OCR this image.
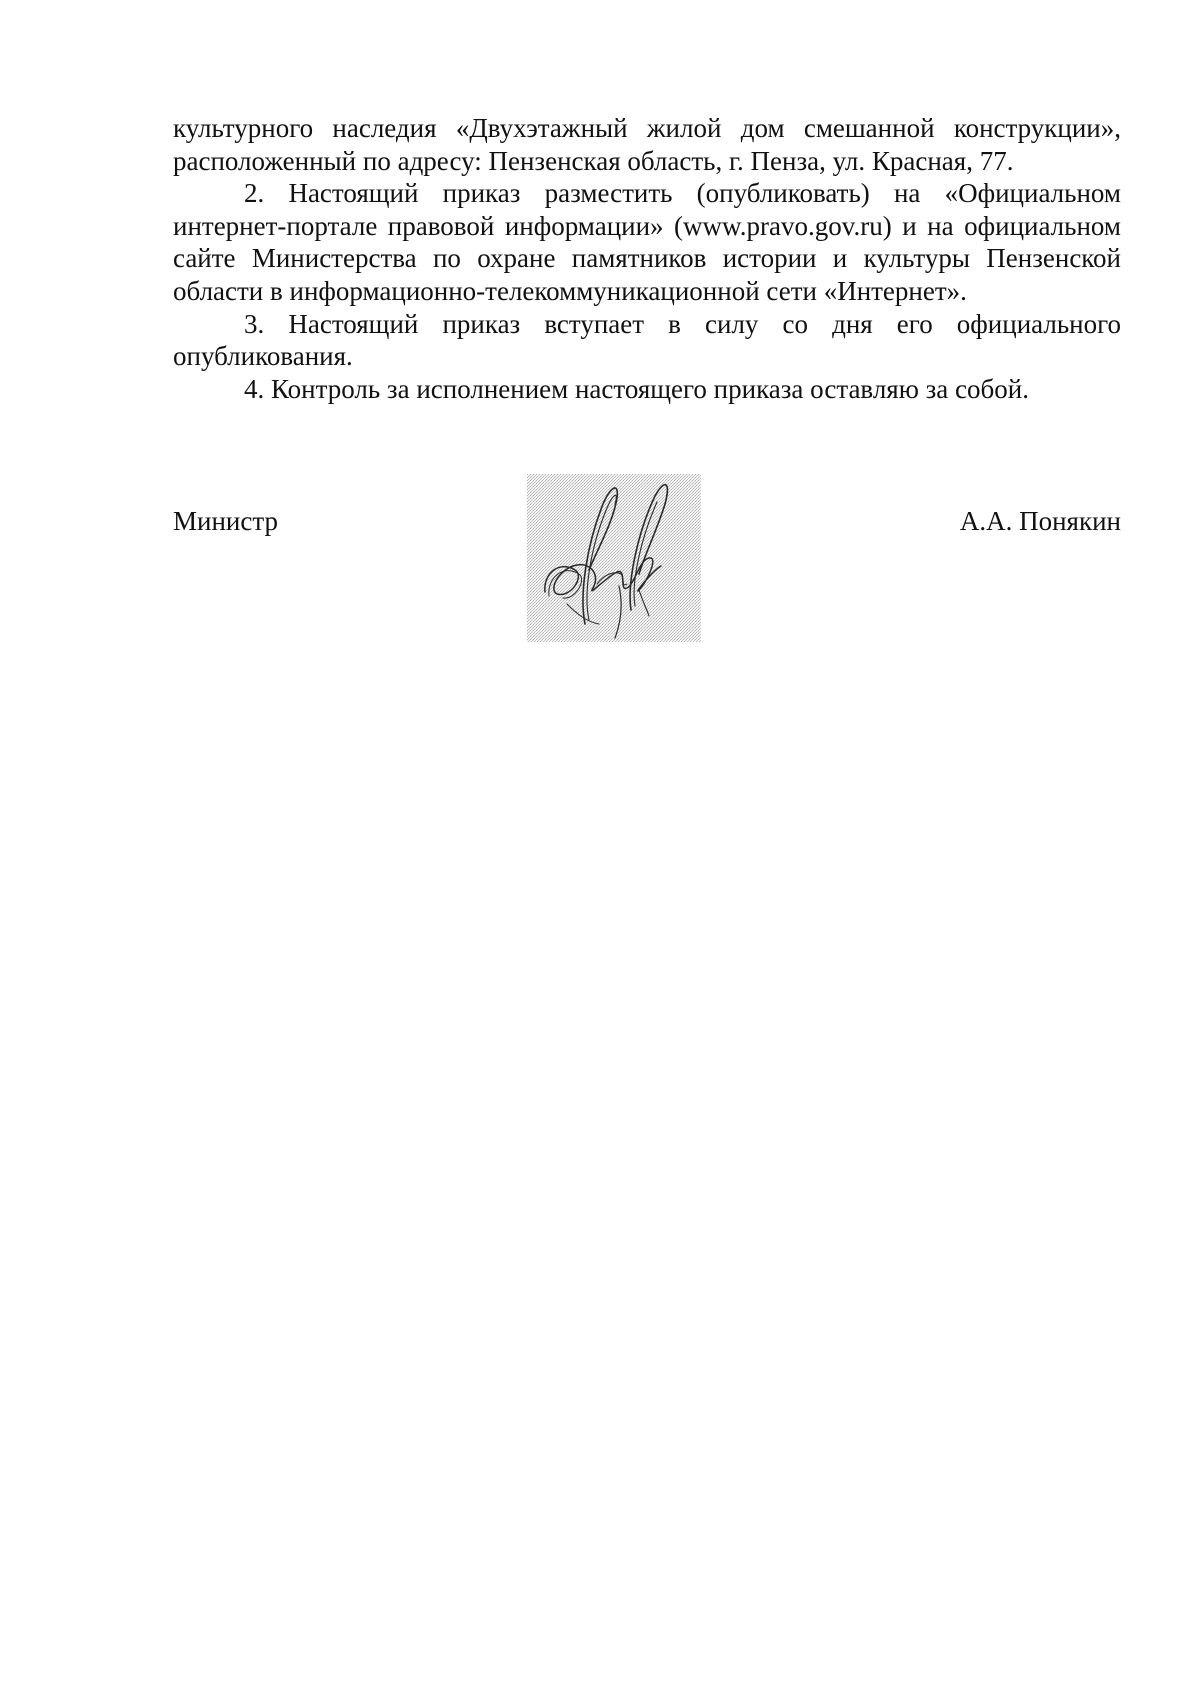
культурного наследия «Двухэтажный жилой дом смешанной конструкции», расположенный по адресу: Пензенская область, г. Пенза, ул. Красная, 77.

2. Настоящий приказ разместить (опубликовать) на «Официальном интернет-портале правовой информации» (www.pravo.gov.ru) и на официальном сайте Министерства по охране памятников истории и культуры Пензенской области в информационно-телекоммуникационной сети «Интернет».

3. Настоящий приказ вступает в силу со дня его официального опубликования.

4. Контроль за исполнением настоящего приказа оставляю за собой.

Министр	А.А. Понякин
